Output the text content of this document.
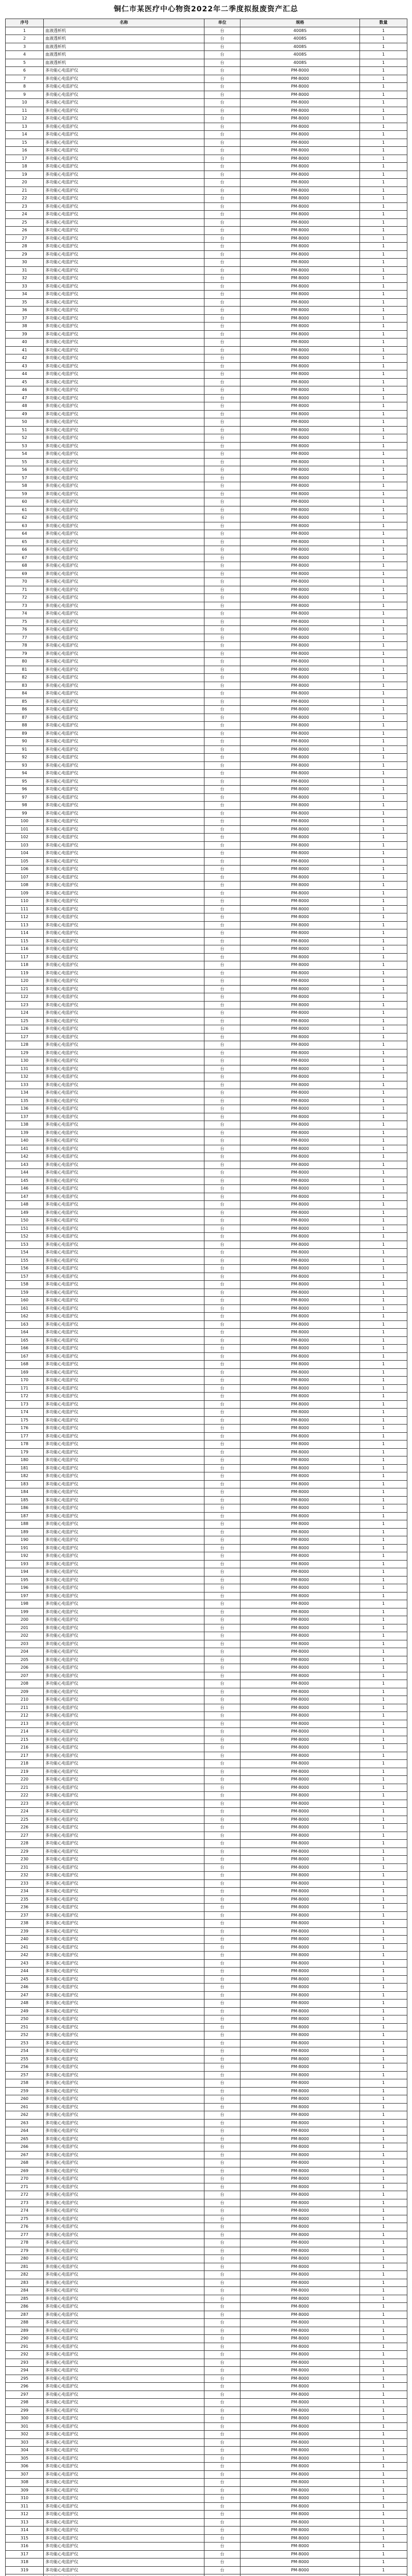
铜仁市某医疗中心物资2022年二季度拟报废资产汇总
序号	名称	单位	规格	数量
1	血液透析机	台	4008S	1
2	血液透析机	台	4008S	1
3	血液透析机	台	4008S	1
4	血液透析机	台	4008S	1
5	血液透析机	台	4008S	1
6	多功能心电监护仪	台	PM-8000	1
7	多功能心电监护仪	台	PM-8000	1
8	多功能心电监护仪	台	PM-8000	1
9	多功能心电监护仪	台	PM-8000	1
10	多功能心电监护仪	台	PM-8000	1
11	多功能心电监护仪	台	PM-8000	1
12	多功能心电监护仪	台	PM-8000	1
13	多功能心电监护仪	台	PM-8000	1
14	多功能心电监护仪	台	PM-8000	1
15	多功能心电监护仪	台	PM-8000	1
16	多功能心电监护仪	台	PM-8000	1
17	多功能心电监护仪	台	PM-8000	1
18	多功能心电监护仪	台	PM-8000	1
19	多功能心电监护仪	台	PM-8000	1
20	多功能心电监护仪	台	PM-8000	1
21	多功能心电监护仪	台	PM-8000	1
22	多功能心电监护仪	台	PM-8000	1
23	多功能心电监护仪	台	PM-8000	1
24	多功能心电监护仪	台	PM-8000	1
25	多功能心电监护仪	台	PM-8000	1
26	多功能心电监护仪	台	PM-8000	1
27	多功能心电监护仪	台	PM-8000	1
28	多功能心电监护仪	台	PM-8000	1
29	多功能心电监护仪	台	PM-8000	1
30	多功能心电监护仪	台	PM-8000	1
31	多功能心电监护仪	台	PM-8000	1
32	多功能心电监护仪	台	PM-8000	1
33	多功能心电监护仪	台	PM-8000	1
34	多功能心电监护仪	台	PM-8000	1
35	多功能心电监护仪	台	PM-8000	1
36	多功能心电监护仪	台	PM-8000	1
37	多功能心电监护仪	台	PM-8000	1
38	多功能心电监护仪	台	PM-8000	1
39	多功能心电监护仪	台	PM-8000	1
40	多功能心电监护仪	台	PM-8000	1
41	多功能心电监护仪	台	PM-8000	1
42	多功能心电监护仪	台	PM-8000	1
43	多功能心电监护仪	台	PM-8000	1
44	多功能心电监护仪	台	PM-8000	1
45	多功能心电监护仪	台	PM-8000	1
46	多功能心电监护仪	台	PM-8000	1
47	多功能心电监护仪	台	PM-8000	1
48	多功能心电监护仪	台	PM-8000	1
49	多功能心电监护仪	台	PM-8000	1
50	多功能心电监护仪	台	PM-8000	1
51	多功能心电监护仪	台	PM-8000	1
52	多功能心电监护仪	台	PM-8000	1
53	多功能心电监护仪	台	PM-8000	1
54	多功能心电监护仪	台	PM-8000	1
55	多功能心电监护仪	台	PM-8000	1
56	多功能心电监护仪	台	PM-8000	1
57	多功能心电监护仪	台	PM-8000	1
58	多功能心电监护仪	台	PM-8000	1
59	多功能心电监护仪	台	PM-8000	1
60	多功能心电监护仪	台	PM-8000	1
61	多功能心电监护仪	台	PM-8000	1
62	多功能心电监护仪	台	PM-8000	1
63	多功能心电监护仪	台	PM-8000	1
64	多功能心电监护仪	台	PM-8000	1
65	多功能心电监护仪	台	PM-8000	1
66	多功能心电监护仪	台	PM-8000	1
67	多功能心电监护仪	台	PM-8000	1
68	多功能心电监护仪	台	PM-8000	1
69	多功能心电监护仪	台	PM-8000	1
70	多功能心电监护仪	台	PM-8000	1
71	多功能心电监护仪	台	PM-8000	1
72	多功能心电监护仪	台	PM-8000	1
73	多功能心电监护仪	台	PM-8000	1
74	多功能心电监护仪	台	PM-8000	1
75	多功能心电监护仪	台	PM-8000	1
76	多功能心电监护仪	台	PM-8000	1
77	多功能心电监护仪	台	PM-8000	1
78	多功能心电监护仪	台	PM-8000	1
79	多功能心电监护仪	台	PM-8000	1
80	多功能心电监护仪	台	PM-8000	1
81	多功能心电监护仪	台	PM-8000	1
82	多功能心电监护仪	台	PM-8000	1
83	多功能心电监护仪	台	PM-8000	1
84	多功能心电监护仪	台	PM-8000	1
85	多功能心电监护仪	台	PM-8000	1
86	多功能心电监护仪	台	PM-8000	1
87	多功能心电监护仪	台	PM-8000	1
88	多功能心电监护仪	台	PM-8000	1
89	多功能心电监护仪	台	PM-8000	1
90	多功能心电监护仪	台	PM-8000	1
91	多功能心电监护仪	台	PM-8000	1
92	多功能心电监护仪	台	PM-8000	1
93	多功能心电监护仪	台	PM-8000	1
94	多功能心电监护仪	台	PM-8000	1
95	多功能心电监护仪	台	PM-8000	1
96	多功能心电监护仪	台	PM-8000	1
97	多功能心电监护仪	台	PM-8000	1
98	多功能心电监护仪	台	PM-8000	1
99	多功能心电监护仪	台	PM-8000	1
100	多功能心电监护仪	台	PM-8000	1
101	多功能心电监护仪	台	PM-8000	1
102	多功能心电监护仪	台	PM-8000	1
103	多功能心电监护仪	台	PM-8000	1
104	多功能心电监护仪	台	PM-8000	1
105	多功能心电监护仪	台	PM-8000	1
106	多功能心电监护仪	台	PM-8000	1
107	多功能心电监护仪	台	PM-8000	1
108	多功能心电监护仪	台	PM-8000	1
109	多功能心电监护仪	台	PM-8000	1
110	多功能心电监护仪	台	PM-8000	1
111	多功能心电监护仪	台	PM-8000	1
112	多功能心电监护仪	台	PM-8000	1
113	多功能心电监护仪	台	PM-8000	1
114	多功能心电监护仪	台	PM-8000	1
115	多功能心电监护仪	台	PM-8000	1
116	多功能心电监护仪	台	PM-8000	1
117	多功能心电监护仪	台	PM-8000	1
118	多功能心电监护仪	台	PM-8000	1
119	多功能心电监护仪	台	PM-8000	1
120	多功能心电监护仪	台	PM-8000	1
121	多功能心电监护仪	台	PM-8000	1
122	多功能心电监护仪	台	PM-8000	1
123	多功能心电监护仪	台	PM-8000	1
124	多功能心电监护仪	台	PM-8000	1
125	多功能心电监护仪	台	PM-8000	1
126	多功能心电监护仪	台	PM-8000	1
127	多功能心电监护仪	台	PM-8000	1
128	多功能心电监护仪	台	PM-8000	1
129	多功能心电监护仪	台	PM-8000	1
130	多功能心电监护仪	台	PM-8000	1
131	多功能心电监护仪	台	PM-8000	1
132	多功能心电监护仪	台	PM-8000	1
133	多功能心电监护仪	台	PM-8000	1
134	多功能心电监护仪	台	PM-8000	1
135	多功能心电监护仪	台	PM-8000	1
136	多功能心电监护仪	台	PM-8000	1
137	多功能心电监护仪	台	PM-8000	1
138	多功能心电监护仪	台	PM-8000	1
139	多功能心电监护仪	台	PM-8000	1
140	多功能心电监护仪	台	PM-8000	1
141	多功能心电监护仪	台	PM-8000	1
142	多功能心电监护仪	台	PM-8000	1
143	多功能心电监护仪	台	PM-8000	1
144	多功能心电监护仪	台	PM-8000	1
145	多功能心电监护仪	台	PM-8000	1
146	多功能心电监护仪	台	PM-8000	1
147	多功能心电监护仪	台	PM-8000	1
148	多功能心电监护仪	台	PM-8000	1
149	多功能心电监护仪	台	PM-8000	1
150	多功能心电监护仪	台	PM-8000	1
151	多功能心电监护仪	台	PM-8000	1
152	多功能心电监护仪	台	PM-8000	1
153	多功能心电监护仪	台	PM-8000	1
154	多功能心电监护仪	台	PM-8000	1
155	多功能心电监护仪	台	PM-8000	1
156	多功能心电监护仪	台	PM-8000	1
157	多功能心电监护仪	台	PM-8000	1
158	多功能心电监护仪	台	PM-8000	1
159	多功能心电监护仪	台	PM-8000	1
160	多功能心电监护仪	台	PM-8000	1
161	多功能心电监护仪	台	PM-8000	1
162	多功能心电监护仪	台	PM-8000	1
163	多功能心电监护仪	台	PM-8000	1
164	多功能心电监护仪	台	PM-8000	1
165	多功能心电监护仪	台	PM-8000	1
166	多功能心电监护仪	台	PM-8000	1
167	多功能心电监护仪	台	PM-8000	1
168	多功能心电监护仪	台	PM-8000	1
169	多功能心电监护仪	台	PM-8000	1
170	多功能心电监护仪	台	PM-8000	1
171	多功能心电监护仪	台	PM-8000	1
172	多功能心电监护仪	台	PM-8000	1
173	多功能心电监护仪	台	PM-8000	1
174	多功能心电监护仪	台	PM-8000	1
175	多功能心电监护仪	台	PM-8000	1
176	多功能心电监护仪	台	PM-8000	1
177	多功能心电监护仪	台	PM-8000	1
178	多功能心电监护仪	台	PM-8000	1
179	多功能心电监护仪	台	PM-8000	1
180	多功能心电监护仪	台	PM-8000	1
181	多功能心电监护仪	台	PM-8000	1
182	多功能心电监护仪	台	PM-8000	1
183	多功能心电监护仪	台	PM-8000	1
184	多功能心电监护仪	台	PM-8000	1
185	多功能心电监护仪	台	PM-8000	1
186	多功能心电监护仪	台	PM-8000	1
187	多功能心电监护仪	台	PM-8000	1
188	多功能心电监护仪	台	PM-8000	1
189	多功能心电监护仪	台	PM-8000	1
190	多功能心电监护仪	台	PM-8000	1
191	多功能心电监护仪	台	PM-8000	1
192	多功能心电监护仪	台	PM-8000	1
193	多功能心电监护仪	台	PM-8000	1
194	多功能心电监护仪	台	PM-8000	1
195	多功能心电监护仪	台	PM-8000	1
196	多功能心电监护仪	台	PM-8000	1
197	多功能心电监护仪	台	PM-8000	1
198	多功能心电监护仪	台	PM-8000	1
199	多功能心电监护仪	台	PM-8000	1
200	多功能心电监护仪	台	PM-8000	1
201	多功能心电监护仪	台	PM-8000	1
202	多功能心电监护仪	台	PM-8000	1
203	多功能心电监护仪	台	PM-8000	1
204	多功能心电监护仪	台	PM-8000	1
205	多功能心电监护仪	台	PM-8000	1
206	多功能心电监护仪	台	PM-8000	1
207	多功能心电监护仪	台	PM-8000	1
208	多功能心电监护仪	台	PM-8000	1
209	多功能心电监护仪	台	PM-8000	1
210	多功能心电监护仪	台	PM-8000	1
211	多功能心电监护仪	台	PM-8000	1
212	多功能心电监护仪	台	PM-8000	1
213	多功能心电监护仪	台	PM-8000	1
214	多功能心电监护仪	台	PM-8000	1
215	多功能心电监护仪	台	PM-8000	1
216	多功能心电监护仪	台	PM-8000	1
217	多功能心电监护仪	台	PM-8000	1
218	多功能心电监护仪	台	PM-8000	1
219	多功能心电监护仪	台	PM-8000	1
220	多功能心电监护仪	台	PM-8000	1
221	多功能心电监护仪	台	PM-8000	1
222	多功能心电监护仪	台	PM-8000	1
223	多功能心电监护仪	台	PM-8000	1
224	多功能心电监护仪	台	PM-8000	1
225	多功能心电监护仪	台	PM-8000	1
226	多功能心电监护仪	台	PM-8000	1
227	多功能心电监护仪	台	PM-8000	1
228	多功能心电监护仪	台	PM-8000	1
229	多功能心电监护仪	台	PM-8000	1
230	多功能心电监护仪	台	PM-8000	1
231	多功能心电监护仪	台	PM-8000	1
232	多功能心电监护仪	台	PM-8000	1
233	多功能心电监护仪	台	PM-8000	1
234	多功能心电监护仪	台	PM-8000	1
235	多功能心电监护仪	台	PM-8000	1
236	多功能心电监护仪	台	PM-8000	1
237	多功能心电监护仪	台	PM-8000	1
238	多功能心电监护仪	台	PM-8000	1
239	多功能心电监护仪	台	PM-8000	1
240	多功能心电监护仪	台	PM-8000	1
241	多功能心电监护仪	台	PM-8000	1
242	多功能心电监护仪	台	PM-8000	1
243	多功能心电监护仪	台	PM-8000	1
244	多功能心电监护仪	台	PM-8000	1
245	多功能心电监护仪	台	PM-8000	1
246	多功能心电监护仪	台	PM-8000	1
247	多功能心电监护仪	台	PM-8000	1
248	多功能心电监护仪	台	PM-8000	1
249	多功能心电监护仪	台	PM-8000	1
250	多功能心电监护仪	台	PM-8000	1
251	多功能心电监护仪	台	PM-8000	1
252	多功能心电监护仪	台	PM-8000	1
253	多功能心电监护仪	台	PM-8000	1
254	多功能心电监护仪	台	PM-8000	1
255	多功能心电监护仪	台	PM-8000	1
256	多功能心电监护仪	台	PM-8000	1
257	多功能心电监护仪	台	PM-8000	1
258	多功能心电监护仪	台	PM-8000	1
259	多功能心电监护仪	台	PM-8000	1
260	多功能心电监护仪	台	PM-8000	1
261	多功能心电监护仪	台	PM-8000	1
262	多功能心电监护仪	台	PM-8000	1
263	多功能心电监护仪	台	PM-8000	1
264	多功能心电监护仪	台	PM-8000	1
265	多功能心电监护仪	台	PM-8000	1
266	多功能心电监护仪	台	PM-8000	1
267	多功能心电监护仪	台	PM-8000	1
268	多功能心电监护仪	台	PM-8000	1
269	多功能心电监护仪	台	PM-8000	1
270	多功能心电监护仪	台	PM-8000	1
271	多功能心电监护仪	台	PM-8000	1
272	多功能心电监护仪	台	PM-8000	1
273	多功能心电监护仪	台	PM-8000	1
274	多功能心电监护仪	台	PM-8000	1
275	多功能心电监护仪	台	PM-8000	1
276	多功能心电监护仪	台	PM-8000	1
277	多功能心电监护仪	台	PM-8000	1
278	多功能心电监护仪	台	PM-8000	1
279	多功能心电监护仪	台	PM-8000	1
280	多功能心电监护仪	台	PM-8000	1
281	多功能心电监护仪	台	PM-8000	1
282	多功能心电监护仪	台	PM-8000	1
283	多功能心电监护仪	台	PM-8000	1
284	多功能心电监护仪	台	PM-8000	1
285	多功能心电监护仪	台	PM-8000	1
286	多功能心电监护仪	台	PM-8000	1
287	多功能心电监护仪	台	PM-8000	1
288	多功能心电监护仪	台	PM-8000	1
289	多功能心电监护仪	台	PM-8000	1
290	多功能心电监护仪	台	PM-8000	1
291	多功能心电监护仪	台	PM-8000	1
292	多功能心电监护仪	台	PM-8000	1
293	多功能心电监护仪	台	PM-8000	1
294	多功能心电监护仪	台	PM-8000	1
295	多功能心电监护仪	台	PM-8000	1
296	多功能心电监护仪	台	PM-8000	1
297	多功能心电监护仪	台	PM-8000	1
298	多功能心电监护仪	台	PM-8000	1
299	多功能心电监护仪	台	PM-8000	1
300	多功能心电监护仪	台	PM-8000	1
301	多功能心电监护仪	台	PM-8000	1
302	多功能心电监护仪	台	PM-8000	1
303	多功能心电监护仪	台	PM-8000	1
304	多功能心电监护仪	台	PM-8000	1
305	多功能心电监护仪	台	PM-8000	1
306	多功能心电监护仪	台	PM-8000	1
307	多功能心电监护仪	台	PM-8000	1
308	多功能心电监护仪	台	PM-8000	1
309	多功能心电监护仪	台	PM-8000	1
310	多功能心电监护仪	台	PM-8000	1
311	多功能心电监护仪	台	PM-8000	1
312	多功能心电监护仪	台	PM-8000	1
313	多功能心电监护仪	台	PM-8000	1
314	多功能心电监护仪	台	PM-8000	1
315	多功能心电监护仪	台	PM-8000	1
316	多功能心电监护仪	台	PM-8000	1
317	多功能心电监护仪	台	PM-8000	1
318	多功能心电监护仪	台	PM-8000	1
319	多功能心电监护仪	台	PM-8000	1
